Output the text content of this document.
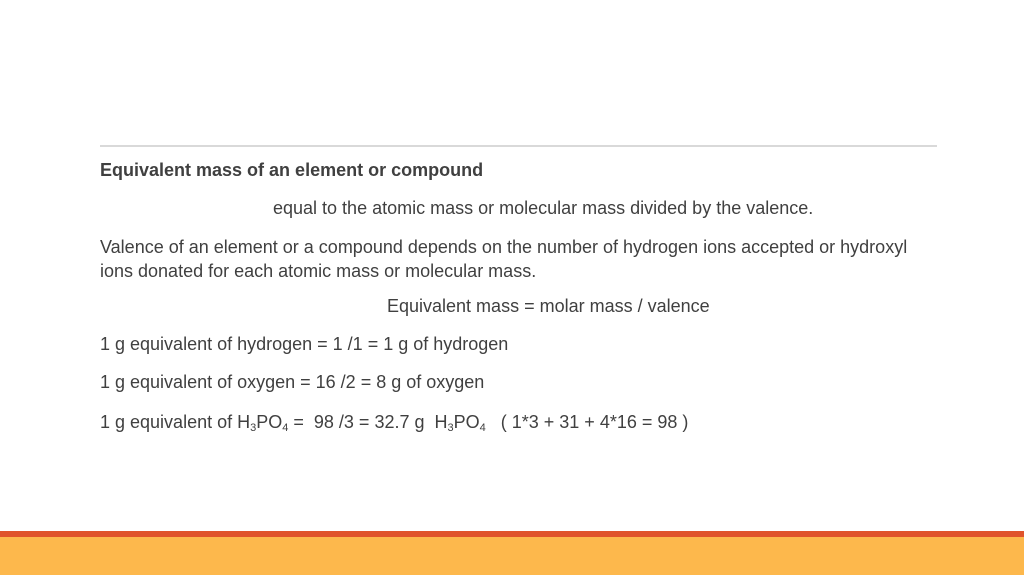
Equivalent mass of an element or compound
equal to the atomic mass or molecular mass divided by the valence.
Valence of an element or a compound depends on the number of hydrogen ions accepted or hydroxyl ions donated for each atomic mass or molecular mass.
Equivalent mass = molar mass / valence
1 g equivalent of hydrogen = 1 /1 = 1 g of hydrogen
1 g equivalent of oxygen = 16 /2 = 8 g of oxygen
1 g equivalent of $H_3PO_4 = 98$ /3 = 32.7 g  $H_3PO_4$   ( 1*3 + 31 + 4*16 = 98 )
